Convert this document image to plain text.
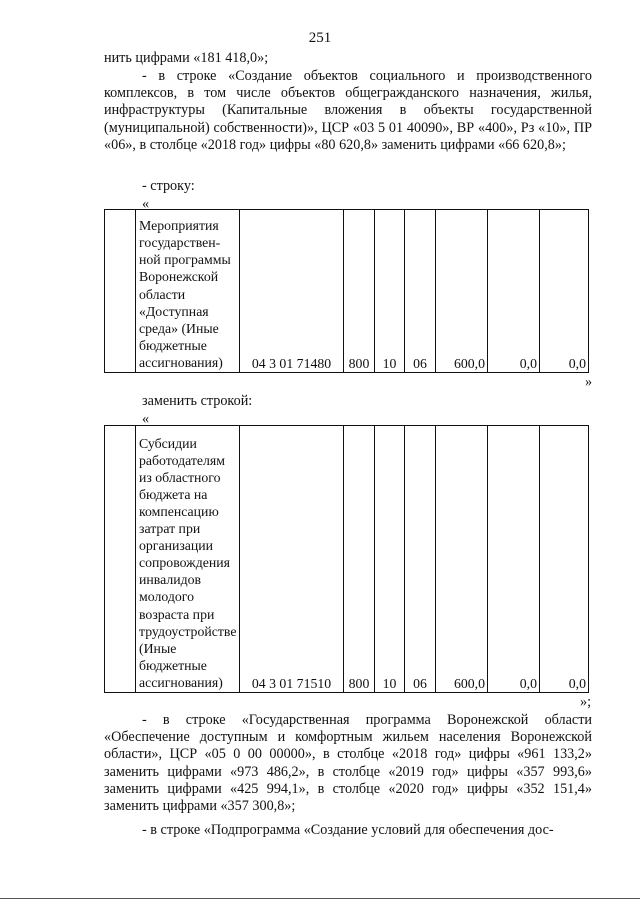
251
нить цифрами «181 418,0»;
- в строке «Создание объектов социального и производственного комплексов, в том числе объектов общегражданского назначения, жилья, инфраструктуры (Капитальные вложения в объекты государственной (муниципальной) собственности)», ЦСР «03 5 01 40090», ВР «400», Рз «10», ПР «06», в столбце «2018 год» цифры «80 620,8» заменить цифрами «66 620,8»;
- строку:
«
	Мероприятия государствен-ной программы Воронежской области «Доступная среда» (Иные бюджетные ассигнования)	04 3 01 71480	800	10	06	600,0	0,0	0,0
»
заменить строкой:
«
	Субсидии работодателям из областного бюджета на компенсацию затрат при организации сопровождения инвалидов молодого возраста при трудоустройстве (Иные бюджетные ассигнования)	04 3 01 71510	800	10	06	600,0	0,0	0,0
»;
- в строке «Государственная программа Воронежской области «Обеспечение доступным и комфортным жильем населения Воронежской области», ЦСР «05 0 00 00000», в столбце «2018 год» цифры «961 133,2» заменить цифрами «973 486,2», в столбце «2019 год» цифры «357 993,6» заменить цифрами «425 994,1», в столбце «2020 год» цифры «352 151,4» заменить цифрами «357 300,8»;
- в строке «Подпрограмма «Создание условий для обеспечения дос-
